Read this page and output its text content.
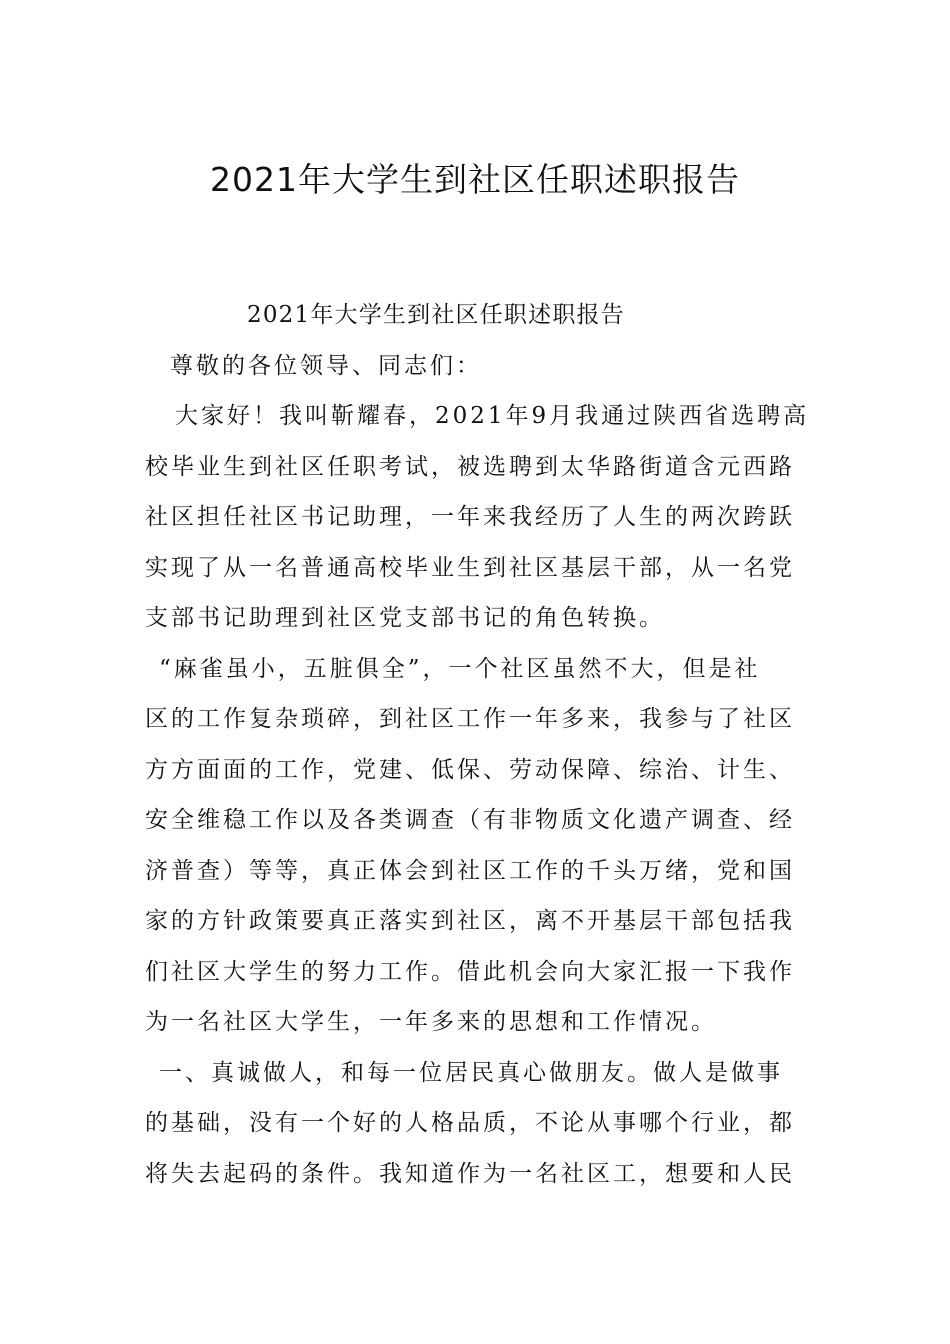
2021年大学生到社区任职述职报告
2021年大学生到社区任职述职报告
尊敬的各位领导、同志们：
大家好！我叫靳耀春，2021年9月我通过陕西省选聘高
校毕业生到社区任职考试，被选聘到太华路街道含元西路
社区担任社区书记助理，一年来我经历了人生的两次跨跃
实现了从一名普通高校毕业生到社区基层干部，从一名党
支部书记助理到社区党支部书记的角色转换。
“麻雀虽小，五脏俱全”，一个社区虽然不大，但是社
区的工作复杂琐碎，到社区工作一年多来，我参与了社区
方方面面的工作，党建、低保、劳动保障、综治、计生、
安全维稳工作以及各类调查（有非物质文化遗产调查、经
济普查）等等，真正体会到社区工作的千头万绪，党和国
家的方针政策要真正落实到社区，离不开基层干部包括我
们社区大学生的努力工作。借此机会向大家汇报一下我作
为一名社区大学生，一年多来的思想和工作情况。
一、真诚做人，和每一位居民真心做朋友。做人是做事
的基础，没有一个好的人格品质，不论从事哪个行业，都
将失去起码的条件。我知道作为一名社区工，想要和人民
